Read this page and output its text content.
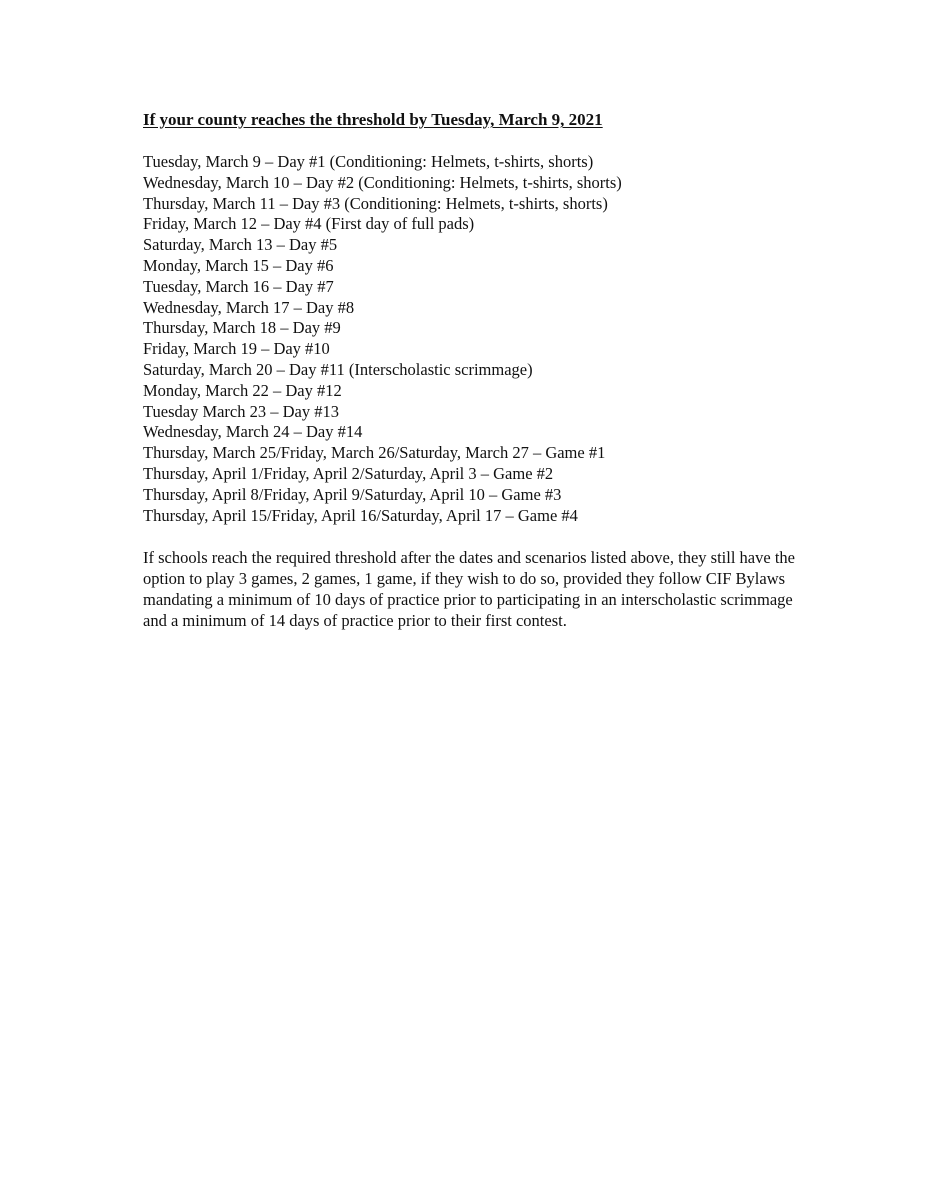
If your county reaches the threshold by Tuesday, March 9, 2021
Tuesday, March 9 – Day #1 (Conditioning: Helmets, t-shirts, shorts)
Wednesday, March 10 – Day #2 (Conditioning: Helmets, t-shirts, shorts)
Thursday, March 11 – Day #3 (Conditioning: Helmets, t-shirts, shorts)
Friday, March 12 – Day #4 (First day of full pads)
Saturday, March 13 – Day #5
Monday, March 15 – Day #6
Tuesday, March 16 – Day #7
Wednesday, March 17 – Day #8
Thursday, March 18 – Day #9
Friday, March 19 – Day #10
Saturday, March 20 – Day #11 (Interscholastic scrimmage)
Monday, March 22 – Day #12
Tuesday March 23 – Day #13
Wednesday, March 24 – Day #14
Thursday, March 25/Friday, March 26/Saturday, March 27 – Game #1
Thursday, April 1/Friday, April 2/Saturday, April 3 – Game #2
Thursday, April 8/Friday, April 9/Saturday, April 10 – Game #3
Thursday, April 15/Friday, April 16/Saturday, April 17 – Game #4

If schools reach the required threshold after the dates and scenarios listed above, they still have the option to play 3 games, 2 games, 1 game, if they wish to do so, provided they follow CIF Bylaws mandating a minimum of 10 days of practice prior to participating in an interscholastic scrimmage and a minimum of 14 days of practice prior to their first contest.
